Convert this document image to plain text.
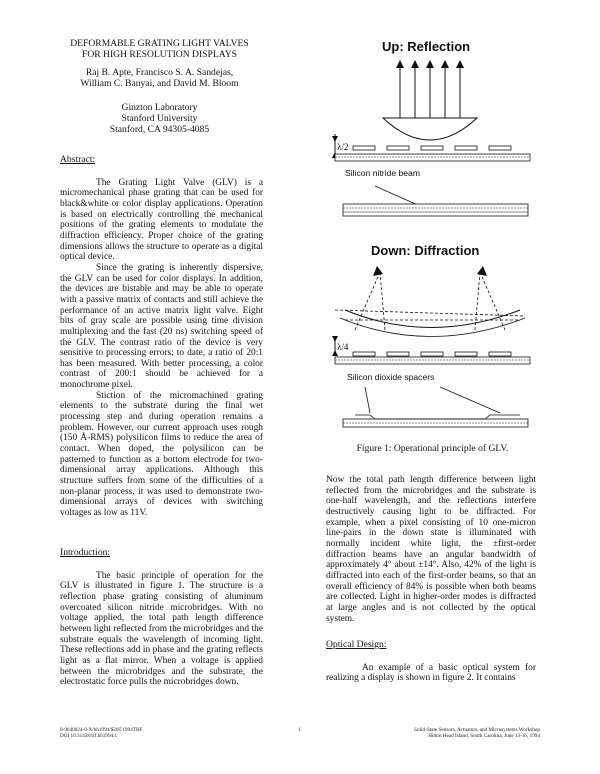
DEFORMABLE GRATING LIGHT VALVES
FOR HIGH RESOLUTION DISPLAYS
Raj B. Apte, Francisco S. A. Sandejas,
William C. Banyai, and David M. Bloom
Ginzton Laboratory
Stanford University
Stanford, CA 94305-4085
Abstract:

The Grating Light Valve (GLV) is a micromechanical phase grating that can be used for black&white or color display applications. Operation is based on electrically controlling the mechanical positions of the grating elements to modulate the diffraction efficiency. Proper choice of the grating dimensions allows the structure to operate as a digital optical device.

Since the grating is inherently dispersive, the GLV can be used for color displays. In addition, the devices are bistable and may be able to operate with a passive matrix of contacts and still achieve the performance of an active matrix light valve. Eight bits of gray scale are possible using time division multiplexing and the fast (20 ns) switching speed of the GLV. The contrast ratio of the device is very sensitive to processing errors; to date, a ratio of 20:1 has been measured. With better processing, a color contrast of 200:1 should be achieved for a monochrome pixel.

Stiction of the micromachined grating elements to the substrate during the final wet processing step and during operation remains a problem. However, our current approach uses rough (150 Å-RMS) polysilicon films to reduce the area of contact. When doped, the polysilicon can be patterned to function as a bottom electrode for two-dimensional array applications. Although this structure suffers from some of the difficulties of a non-planar process, it was used to demonstrate two-dimensional arrays of devices with switching voltages as low as 11V.

Introduction:

The basic principle of operation for the GLV is illustrated in figure 1. The structure is a reflection phase grating consisting of aluminum overcoated silicon nitride microbridges. With no voltage applied, the total path length difference between light reflected from the microbridges and the substrate equals the wavelength of incoming light. These reflections add in phase and the grating reflects light as a flat mirror. When a voltage is applied between the microbridges and the substrate, the electrostatic force pulls the microbridges down.

Up: Reflection
λ/2
Silicon nitride beam
Down: Diffraction
λ/4
Silicon dioxide spacers
Figure 1: Operational principle of GLV.

Now the total path length difference between light reflected from the microbridges and the substrate is one-half wavelength, and the reflections interfere destructively causing light to be diffracted. For example, when a pixel consisting of 10 one-micron line-pairs in the down state is illuminated with normally incident white light, the ±first-order diffraction beams have an angular bandwidth of approximately 4° about ±14°. Also, 42% of the light is diffracted into each of the first-order beams, so that an overall efficiency of 84% is possible when both beams are collected. Light in higher-order modes is diffracted at large angles and is not collected by the optical system.

Optical Design:

An example of a basic optical system for realizing a display is shown in figure 2. It contains

0-9640024-0-X/hh1994/$20©1994TRF
DOI 10.31438/trf.hh1994.1
1	Solid-State Sensors, Actuators, and Microsystems Workshop
Hilton Head Island, South Carolina, June 13-16, 1994
